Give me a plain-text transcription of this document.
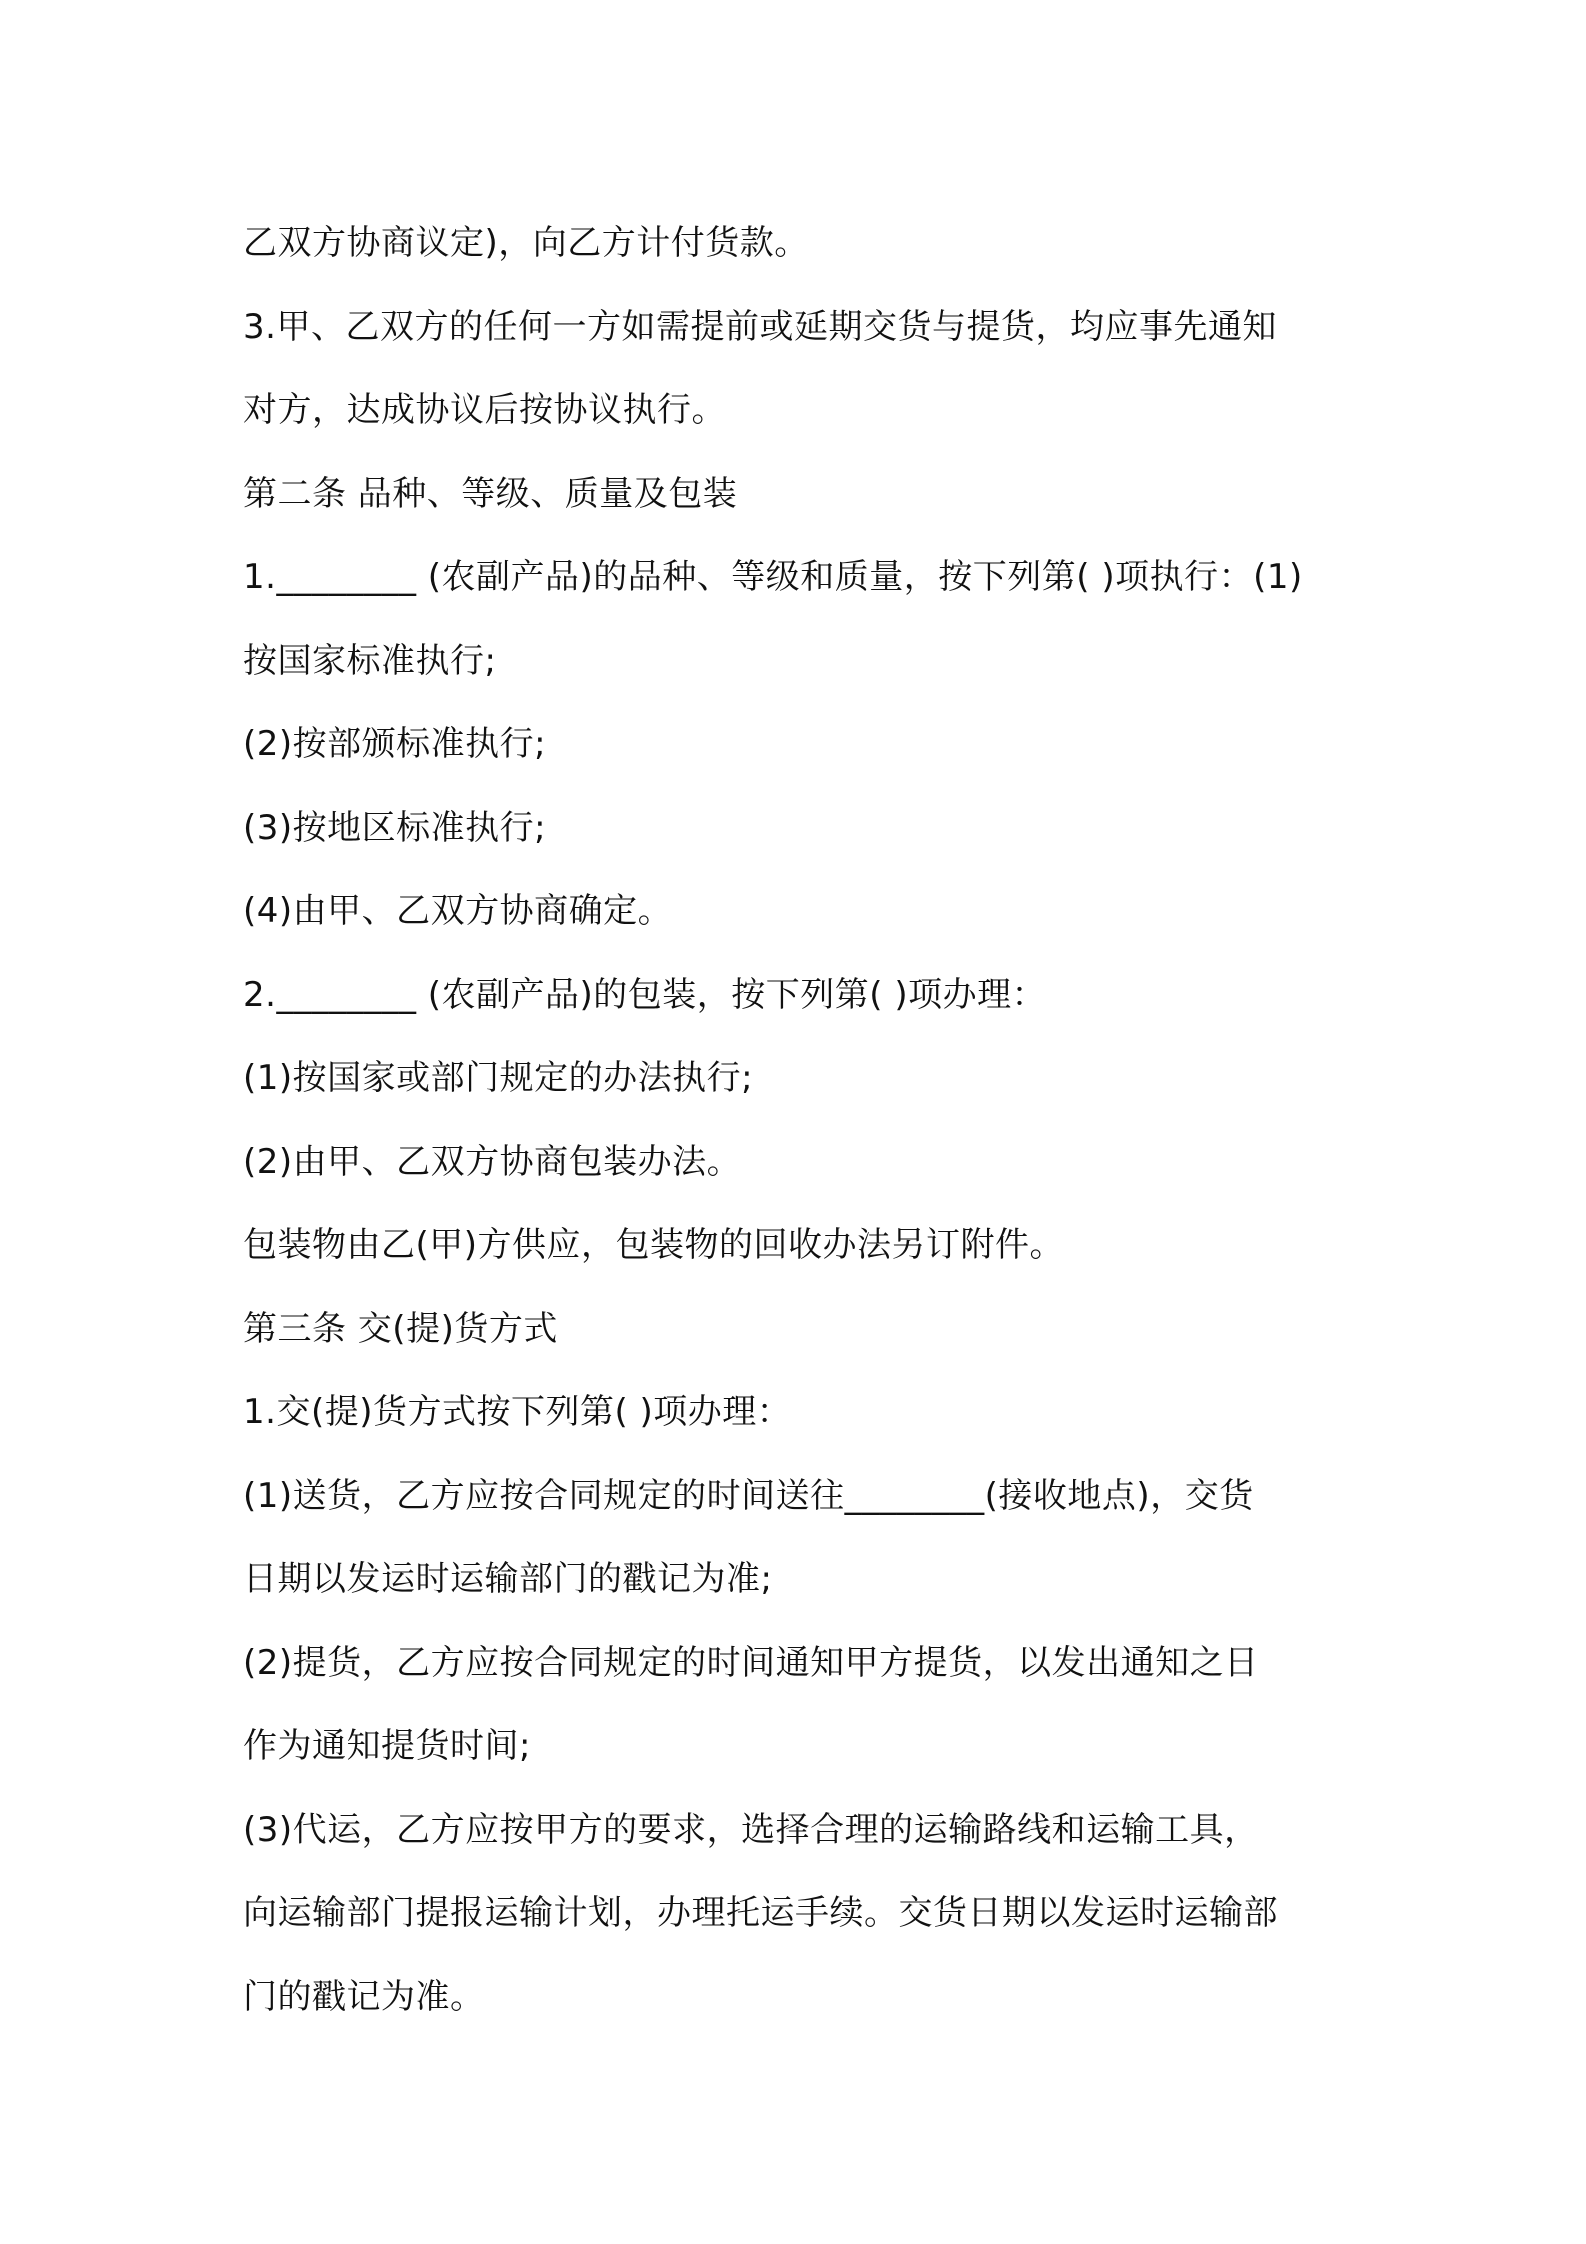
乙双方协商议定)，向乙方计付货款。
3.甲、乙双方的任何一方如需提前或延期交货与提货，均应事先通知
对方，达成协议后按协议执行。
第二条 品种、等级、质量及包装
1.________ (农副产品)的品种、等级和质量，按下列第( )项执行：(1)
按国家标准执行;
(2)按部颁标准执行;
(3)按地区标准执行;
(4)由甲、乙双方协商确定。
2.________ (农副产品)的包装，按下列第( )项办理：
(1)按国家或部门规定的办法执行;
(2)由甲、乙双方协商包装办法。
包装物由乙(甲)方供应，包装物的回收办法另订附件。
第三条 交(提)货方式
1.交(提)货方式按下列第( )项办理：
(1)送货，乙方应按合同规定的时间送往________(接收地点)，交货
日期以发运时运输部门的戳记为准;
(2)提货，乙方应按合同规定的时间通知甲方提货，以发出通知之日
作为通知提货时间;
(3)代运，乙方应按甲方的要求，选择合理的运输路线和运输工具，
向运输部门提报运输计划，办理托运手续。交货日期以发运时运输部
门的戳记为准。
